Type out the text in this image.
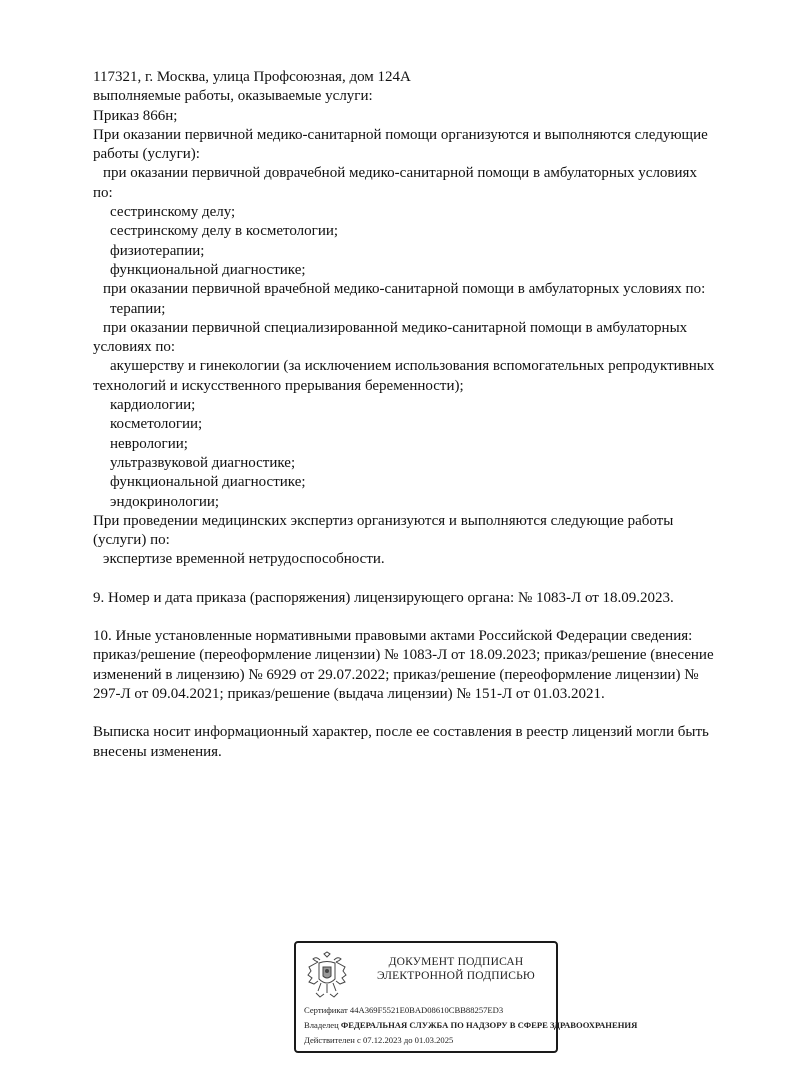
117321, г. Москва, улица Профсоюзная, дом 124А
выполняемые работы, оказываемые услуги:
Приказ 866н;
При оказании первичной медико-санитарной помощи организуются и выполняются следующие
работы (услуги):
при оказании первичной доврачебной медико-санитарной помощи в амбулаторных условиях
по:
сестринскому делу;
сестринскому делу в косметологии;
физиотерапии;
функциональной диагностике;
при оказании первичной врачебной медико-санитарной помощи в амбулаторных условиях по:
терапии;
при оказании первичной специализированной медико-санитарной помощи в амбулаторных
условиях по:
акушерству и гинекологии (за исключением использования вспомогательных репродуктивных
технологий и искусственного прерывания беременности);
кардиологии;
косметологии;
неврологии;
ультразвуковой диагностике;
функциональной диагностике;
эндокринологии;
При проведении медицинских экспертиз организуются и выполняются следующие работы
(услуги) по:
экспертизе временной нетрудоспособности.
9. Номер и дата приказа (распоряжения) лицензирующего органа: № 1083-Л от 18.09.2023.
10. Иные установленные нормативными правовыми актами Российской Федерации сведения:
приказ/решение (переоформление лицензии) № 1083-Л от 18.09.2023; приказ/решение (внесение
изменений в лицензию) № 6929 от 29.07.2022; приказ/решение (переоформление лицензии) №
297-Л от 09.04.2021; приказ/решение (выдача лицензии) № 151-Л от 01.03.2021.
Выписка носит информационный характер, после ее составления в реестр лицензий могли быть
внесены изменения.
ДОКУМЕНТ ПОДПИСАН
ЭЛЕКТРОННОЙ ПОДПИСЬЮ
Сертификат 44A369F5521E0BAD08610CBB88257ED3
Владелец ФЕДЕРАЛЬНАЯ СЛУЖБА ПО НАДЗОРУ В СФЕРЕ ЗДРАВООХРАНЕНИЯ
Действителен с 07.12.2023 до 01.03.2025
